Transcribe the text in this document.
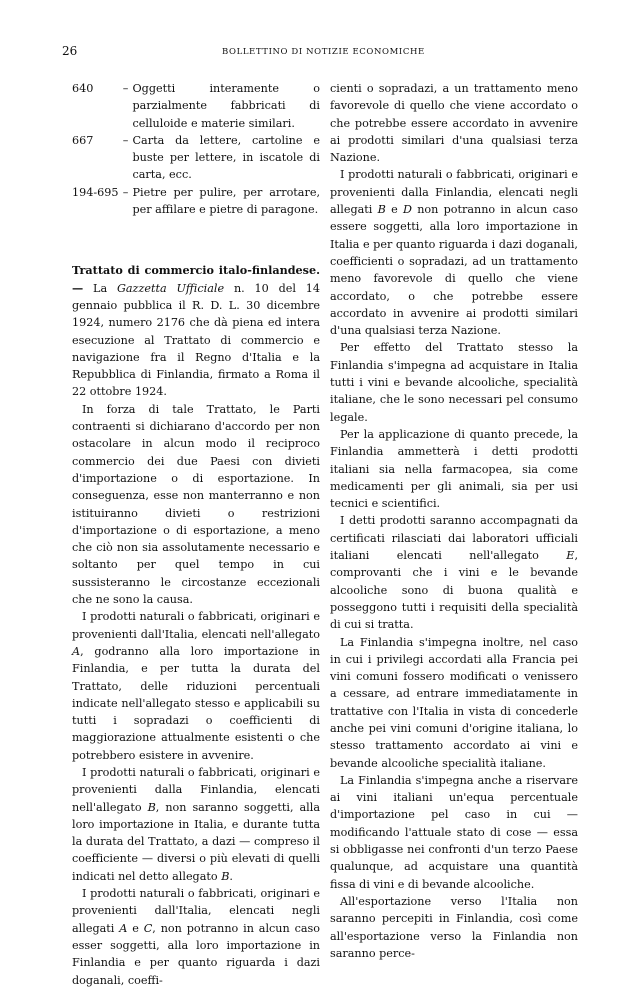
26	BOLLETTINO DI NOTIZIE ECONOMICHE
640	–	Oggetti interamente o parzialmente fabbricati di celluloide e materie similari.
667	–	Carta da lettere, cartoline e buste per lettere, in iscatole di carta, ecc.
194-695	–	Pietre per pulire, per arrotare, per affilare e pietre di paragone.

Trattato di commercio italo-finlandese. — La Gazzetta Ufficiale n. 10 del 14 gennaio pubblica il R. D. L. 30 dicembre 1924, numero 2176 che dà piena ed intera esecuzione al Trattato di commercio e navigazione fra il Regno d'Italia e la Repubblica di Finlandia, firmato a Roma il 22 ottobre 1924.

In forza di tale Trattato, le Parti contraenti si dichiarano d'accordo per non ostacolare in alcun modo il reciproco commercio dei due Paesi con divieti d'importazione o di esportazione. In conseguenza, esse non manterranno e non istituiranno divieti o restrizioni d'importazione o di esportazione, a meno che ciò non sia assolutamente necessario e soltanto per quel tempo in cui sussisteranno le circostanze eccezionali che ne sono la causa.

I prodotti naturali o fabbricati, originari e provenienti dall'Italia, elencati nell'allegato A, godranno alla loro importazione in Finlandia, e per tutta la durata del Trattato, delle riduzioni percentuali indicate nell'allegato stesso e applicabili su tutti i sopradazi o coefficienti di maggiorazione attualmente esistenti o che potrebbero esistere in avvenire.

I prodotti naturali o fabbricati, originari e provenienti dalla Finlandia, elencati nell'allegato B, non saranno soggetti, alla loro importazione in Italia, e durante tutta la durata del Trattato, a dazi — compreso il coefficiente — diversi o più elevati di quelli indicati nel detto allegato B.

I prodotti naturali o fabbricati, originari e provenienti dall'Italia, elencati negli allegati A e C, non potranno in alcun caso esser soggetti, alla loro importazione in Finlandia e per quanto riguarda i dazi doganali, coeffi-

cienti o sopradazi, a un trattamento meno favorevole di quello che viene accordato o che potrebbe essere accordato in avvenire ai prodotti similari d'una qualsiasi terza Nazione.

I prodotti naturali o fabbricati, originari e provenienti dalla Finlandia, elencati negli allegati B e D non potranno in alcun caso essere soggetti, alla loro importazione in Italia e per quanto riguarda i dazi doganali, coefficienti o sopradazi, ad un trattamento meno favorevole di quello che viene accordato, o che potrebbe essere accordato in avvenire ai prodotti similari d'una qualsiasi terza Nazione.

Per effetto del Trattato stesso la Finlandia s'impegna ad acquistare in Italia tutti i vini e bevande alcooliche, specialità italiane, che le sono necessari pel consumo legale.

Per la applicazione di quanto precede, la Finlandia ammetterà i detti prodotti italiani sia nella farmacopea, sia come medicamenti per gli animali, sia per usi tecnici e scientifici.

I detti prodotti saranno accompagnati da certificati rilasciati dai laboratori ufficiali italiani elencati nell'allegato E, comprovanti che i vini e le bevande alcooliche sono di buona qualità e posseggono tutti i requisiti della specialità di cui si tratta.

La Finlandia s'impegna inoltre, nel caso in cui i privilegi accordati alla Francia pei vini comuni fossero modificati o venissero a cessare, ad entrare immediatamente in trattative con l'Italia in vista di concederle anche pei vini comuni d'origine italiana, lo stesso trattamento accordato ai vini e bevande alcooliche specialità italiane.

La Finlandia s'impegna anche a riservare ai vini italiani un'equa percentuale d'importazione pel caso in cui — modificando l'attuale stato di cose — essa si obbligasse nei confronti d'un terzo Paese qualunque, ad acquistare una quantità fissa di vini e di bevande alcooliche.

All'esportazione verso l'Italia non saranno percepiti in Finlandia, così come all'esportazione verso la Finlandia non saranno perce-
